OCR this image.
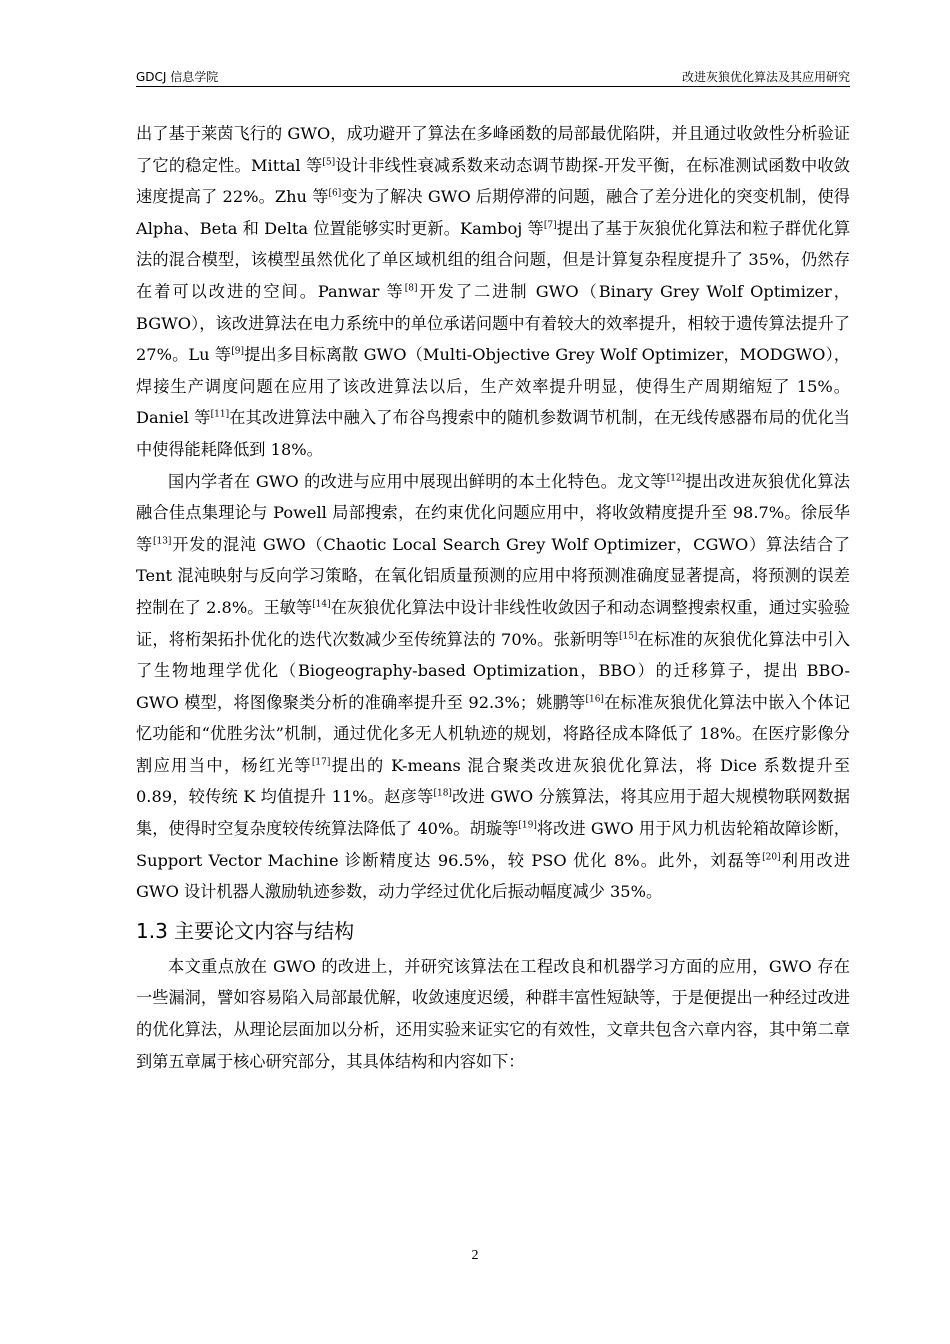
GDCJ 信息学院	改进灰狼优化算法及其应用研究

出了基于莱茵飞行的 GWO，成功避开了算法在多峰函数的局部最优陷阱，并且通过收敛性分析验证了它的稳定性。Mittal 等[5]设计非线性衰减系数来动态调节勘探-开发平衡，在标准测试函数中收敛速度提高了 22%。Zhu 等[6]变为了解决 GWO 后期停滞的问题，融合了差分进化的突变机制，使得 Alpha、Beta 和 Delta 位置能够实时更新。Kamboj 等[7]提出了基于灰狼优化算法和粒子群优化算法的混合模型，该模型虽然优化了单区域机组的组合问题，但是计算复杂程度提升了 35%，仍然存在着可以改进的空间。Panwar 等[8]开发了二进制 GWO（Binary Grey Wolf Optimizer，BGWO），该改进算法在电力系统中的单位承诺问题中有着较大的效率提升，相较于遗传算法提升了 27%。Lu 等[9]提出多目标离散 GWO（Multi-Objective Grey Wolf Optimizer，MODGWO），焊接生产调度问题在应用了该改进算法以后，生产效率提升明显，使得生产周期缩短了 15%。Daniel 等[11]在其改进算法中融入了布谷鸟搜索中的随机参数调节机制，在无线传感器布局的优化当中使得能耗降低到 18%。

国内学者在 GWO 的改进与应用中展现出鲜明的本土化特色。龙文等[12]提出改进灰狼优化算法融合佳点集理论与 Powell 局部搜索，在约束优化问题应用中，将收敛精度提升至 98.7%。徐辰华等[13]开发的混沌 GWO（Chaotic Local Search Grey Wolf Optimizer，CGWO）算法结合了 Tent 混沌映射与反向学习策略，在氧化铝质量预测的应用中将预测准确度显著提高，将预测的误差控制在了 2.8%。王敏等[14]在灰狼优化算法中设计非线性收敛因子和动态调整搜索权重，通过实验验证，将桁架拓扑优化的迭代次数减少至传统算法的 70%。张新明等[15]在标准的灰狼优化算法中引入了生物地理学优化（Biogeography-based Optimization，BBO）的迁移算子，提出 BBO-GWO 模型，将图像聚类分析的准确率提升至 92.3%；姚鹏等[16]在标准灰狼优化算法中嵌入个体记忆功能和“优胜劣汰”机制，通过优化多无人机轨迹的规划，将路径成本降低了 18%。在医疗影像分割应用当中，杨红光等[17]提出的 K-means 混合聚类改进灰狼优化算法，将 Dice 系数提升至 0.89，较传统 K 均值提升 11%。赵彦等[18]改进 GWO 分簇算法，将其应用于超大规模物联网数据集，使得时空复杂度较传统算法降低了 40%。胡璇等[19]将改进 GWO 用于风力机齿轮箱故障诊断，Support Vector Machine 诊断精度达 96.5%，较 PSO 优化 8%。此外，刘磊等[20]利用改进 GWO 设计机器人激励轨迹参数，动力学经过优化后振动幅度减少 35%。

1.3 主要论文内容与结构

本文重点放在 GWO 的改进上，并研究该算法在工程改良和机器学习方面的应用，GWO 存在一些漏洞，譬如容易陷入局部最优解，收敛速度迟缓，种群丰富性短缺等，于是便提出一种经过改进的优化算法，从理论层面加以分析，还用实验来证实它的有效性，文章共包含六章内容，其中第二章到第五章属于核心研究部分，其具体结构和内容如下：

2
